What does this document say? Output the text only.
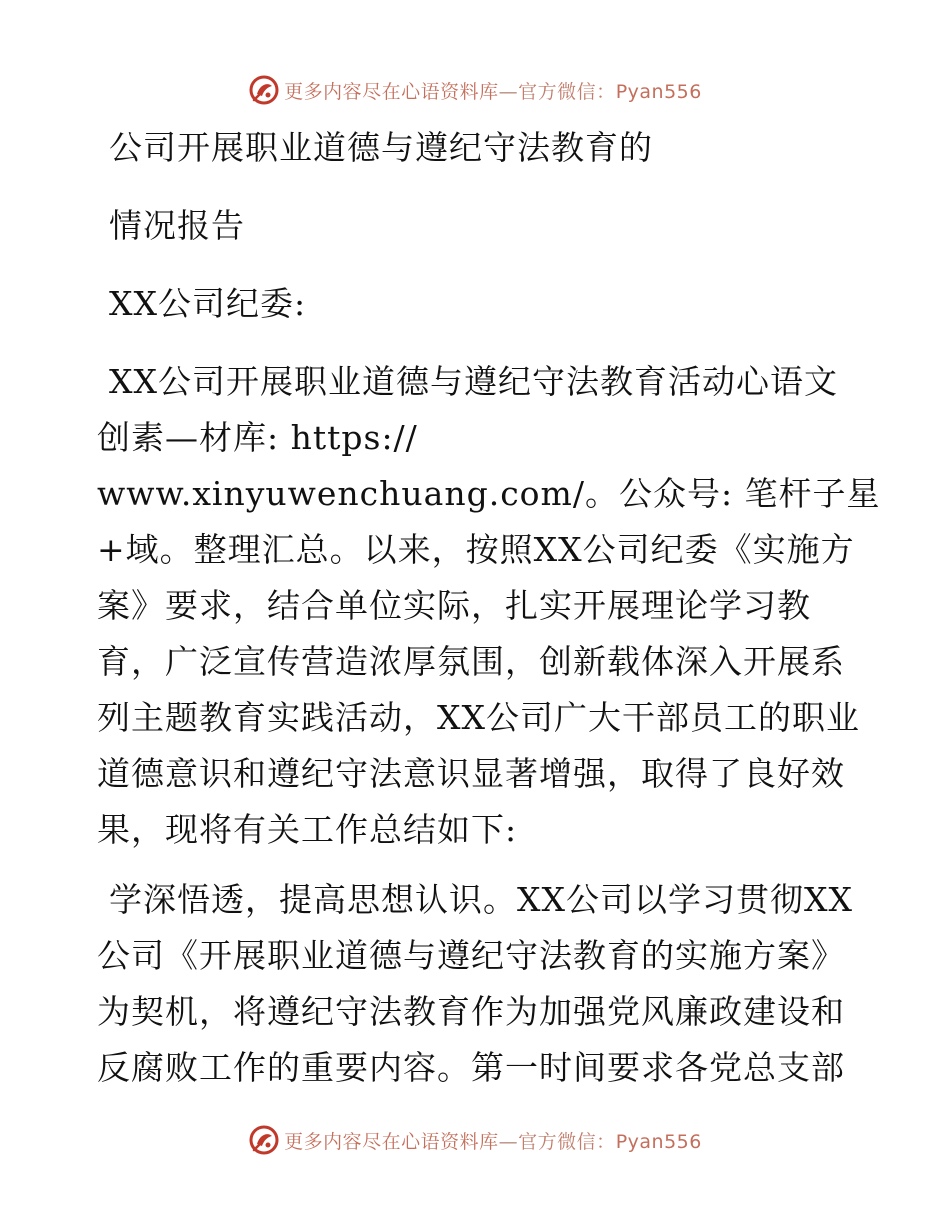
更多内容尽在心语资料库—官方微信：Pyan556
公司开展职业道德与遵纪守法教育的
情况报告
XX公司纪委:
XX公司开展职业道德与遵纪守法教育活动心语文
创素—材库: https://
www.xinyuwenchuang.com/。公众号: 笔杆子星
+域。整理汇总。以来，按照XX公司纪委《实施方
案》要求，结合单位实际，扎实开展理论学习教
育，广泛宣传营造浓厚氛围，创新载体深入开展系
列主题教育实践活动，XX公司广大干部员工的职业
道德意识和遵纪守法意识显著增强，取得了良好效
果，现将有关工作总结如下:
学深悟透，提高思想认识。XX公司以学习贯彻XX
公司《开展职业道德与遵纪守法教育的实施方案》
为契机，将遵纪守法教育作为加强党风廉政建设和
反腐败工作的重要内容。第一时间要求各党总支部
更多内容尽在心语资料库—官方微信：Pyan556
